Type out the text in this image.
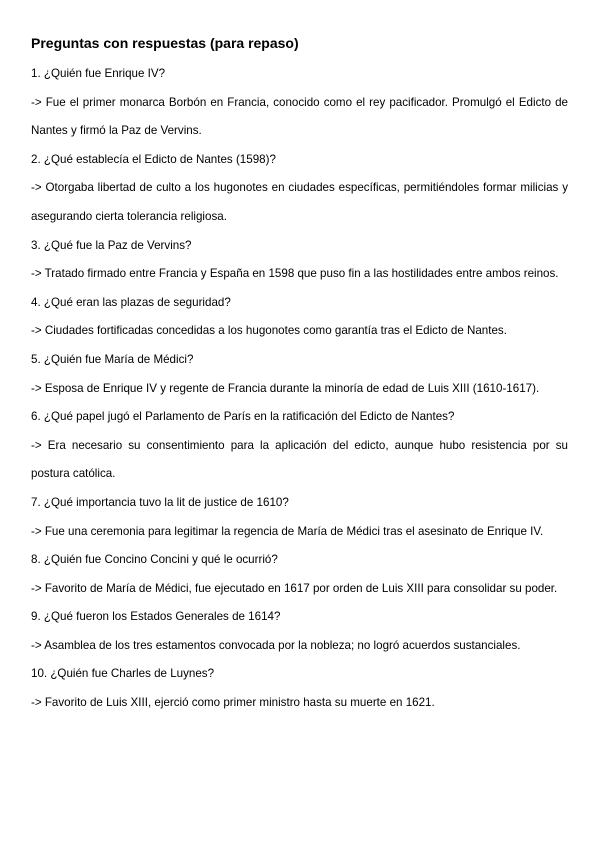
Preguntas con respuestas (para repaso)

1. ¿Quién fue Enrique IV?

-> Fue el primer monarca Borbón en Francia, conocido como el rey pacificador. Promulgó el Edicto de Nantes y firmó la Paz de Vervins.

2. ¿Qué establecía el Edicto de Nantes (1598)?

-> Otorgaba libertad de culto a los hugonotes en ciudades específicas, permitiéndoles formar milicias y asegurando cierta tolerancia religiosa.

3. ¿Qué fue la Paz de Vervins?

-> Tratado firmado entre Francia y España en 1598 que puso fin a las hostilidades entre ambos reinos.

4. ¿Qué eran las plazas de seguridad?

-> Ciudades fortificadas concedidas a los hugonotes como garantía tras el Edicto de Nantes.

5. ¿Quién fue María de Médici?

-> Esposa de Enrique IV y regente de Francia durante la minoría de edad de Luis XIII (1610-1617).

6. ¿Qué papel jugó el Parlamento de París en la ratificación del Edicto de Nantes?

-> Era necesario su consentimiento para la aplicación del edicto, aunque hubo resistencia por su postura católica.

7. ¿Qué importancia tuvo la lit de justice de 1610?

-> Fue una ceremonia para legitimar la regencia de María de Médici tras el asesinato de Enrique IV.

8. ¿Quién fue Concino Concini y qué le ocurrió?

-> Favorito de María de Médici, fue ejecutado en 1617 por orden de Luis XIII para consolidar su poder.

9. ¿Qué fueron los Estados Generales de 1614?

-> Asamblea de los tres estamentos convocada por la nobleza; no logró acuerdos sustanciales.

10. ¿Quién fue Charles de Luynes?

-> Favorito de Luis XIII, ejerció como primer ministro hasta su muerte en 1621.
